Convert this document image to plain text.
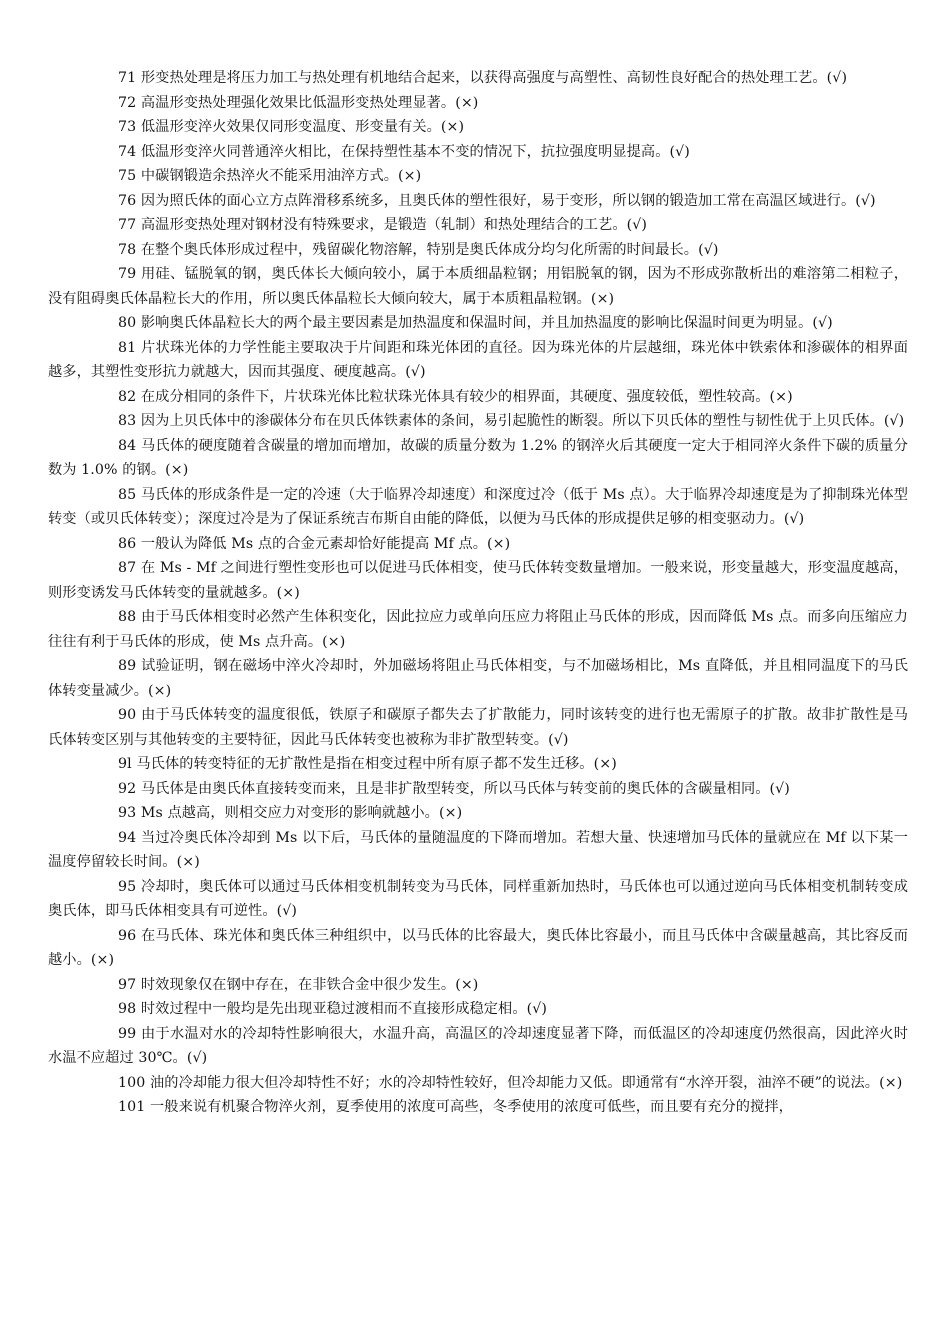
71 形变热处理是将压力加工与热处理有机地结合起来，以获得高强度与高塑性、高韧性良好配合的热处理工艺。(√)

72 高温形变热处理强化效果比低温形变热处理显著。(×)

73 低温形变淬火效果仅同形变温度、形变量有关。(×)

74 低温形变淬火同普通淬火相比，在保持塑性基本不变的情况下，抗拉强度明显提高。(√)

75 中碳钢锻造余热淬火不能采用油淬方式。(×)

76 因为照氏体的面心立方点阵滑移系统多，且奥氏体的塑性很好，易于变形，所以钢的锻造加工常在高温区域进行。(√)

77 高温形变热处理对钢材没有特殊要求，是锻造（轧制）和热处理结合的工艺。(√)

78 在整个奥氏体形成过程中，残留碳化物溶解，特别是奥氏体成分均匀化所需的时间最长。(√)

79 用硅、锰脱氧的钢，奥氏体长大倾向较小，属于本质细晶粒钢；用铝脱氧的钢，因为不形成弥散析出的难溶第二相粒子，没有阻碍奥氏体晶粒长大的作用，所以奥氏体晶粒长大倾向较大，属于本质粗晶粒钢。(×)

80 影响奥氏体晶粒长大的两个最主要因素是加热温度和保温时间，并且加热温度的影响比保温时间更为明显。(√)

81 片状珠光体的力学性能主要取决于片间距和珠光体团的直径。因为珠光体的片层越细，珠光体中铁索体和渗碳体的相界面越多，其塑性变形抗力就越大，因而其强度、硬度越高。(√)

82 在成分相同的条件下，片状珠光体比粒状珠光体具有较少的相界面，其硬度、强度较低，塑性较高。(×)

83 因为上贝氏体中的渗碳体分布在贝氏体铁素体的条间，易引起脆性的断裂。所以下贝氏体的塑性与韧性优于上贝氏体。(√)

84 马氏体的硬度随着含碳量的增加而增加，故碳的质量分数为 1.2% 的钢淬火后其硬度一定大于相同淬火条件下碳的质量分数为 1.0% 的钢。(×)

85 马氏体的形成条件是一定的冷速（大于临界冷却速度）和深度过冷（低于 Ms 点）。大于临界冷却速度是为了抑制珠光体型转变（或贝氏体转变）；深度过冷是为了保证系统吉布斯自由能的降低，以便为马氏体的形成提供足够的相变驱动力。(√)

86 一般认为降低 Ms 点的合金元素却恰好能提高 Mf 点。(×)

87 在 Ms - Mf 之间进行塑性变形也可以促进马氏体相变，使马氏体转变数量增加。一般来说，形变量越大，形变温度越高，则形变诱发马氏体转变的量就越多。(×)

88 由于马氏体相变时必然产生体积变化，因此拉应力或单向压应力将阻止马氏体的形成，因而降低 Ms 点。而多向压缩应力往往有利于马氏体的形成，使 Ms 点升高。(×)

89 试验证明，钢在磁场中淬火冷却时，外加磁场将阻止马氏体相变，与不加磁场相比，Ms 直降低，并且相同温度下的马氏体转变量减少。(×)

90 由于马氏体转变的温度很低，铁原子和碳原子都失去了扩散能力，同时该转变的进行也无需原子的扩散。故非扩散性是马氏体转变区别与其他转变的主要特征，因此马氏体转变也被称为非扩散型转变。(√)

9l 马氏体的转变特征的无扩散性是指在相变过程中所有原子都不发生迁移。(×)

92 马氏体是由奥氏体直接转变而来，且是非扩散型转变，所以马氏体与转变前的奥氏体的含碳量相同。(√)

93 Ms 点越高，则相交应力对变形的影响就越小。(×)

94 当过冷奥氏体冷却到 Ms 以下后，马氏体的量随温度的下降而增加。若想大量、快速增加马氏体的量就应在 Mf 以下某一温度停留较长时间。(×)

95 冷却时，奥氏体可以通过马氏体相变机制转变为马氏体，同样重新加热时，马氏体也可以通过逆向马氏体相变机制转变成奥氏体，即马氏体相变具有可逆性。(√)

96 在马氏体、珠光体和奥氏体三种组织中，以马氏体的比容最大，奥氏体比容最小，而且马氏体中含碳量越高，其比容反而越小。(×)

97 时效现象仅在钢中存在，在非铁合金中很少发生。(×)

98 时效过程中一般均是先出现亚稳过渡相而不直接形成稳定相。(√)

99 由于水温对水的冷却特性影响很大，水温升高，高温区的冷却速度显著下降，而低温区的冷却速度仍然很高，因此淬火时水温不应超过 30℃。(√)

100 油的冷却能力很大但冷却特性不好；水的冷却特性较好，但冷却能力又低。即通常有“水淬开裂，油淬不硬”的说法。(×)

101 一般来说有机聚合物淬火剂，夏季使用的浓度可高些，冬季使用的浓度可低些，而且要有充分的搅拌，
